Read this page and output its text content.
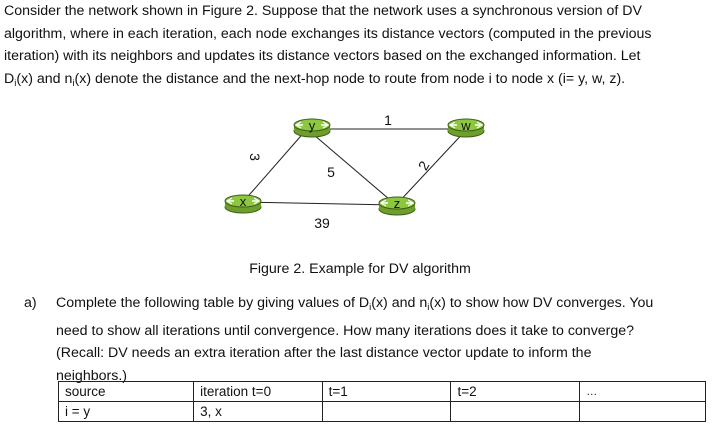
Consider the network shown in Figure 2. Suppose that the network uses a synchronous version of DV
algorithm, where in each iteration, each node exchanges its distance vectors (computed in the previous
iteration) with its neighbors and updates its distance vectors based on the exchanged information. Let
$D_i(x)$ and $n_i(x)$ denote the distance and the next-hop node to route from node i to node x (i= y, w, z).
y	w
x	z
1
3
5	2
39
Figure 2. Example for DV algorithm
a) Complete the following table by giving values of $D_i(x)$ and $n_i(x)$ to show how DV converges. You
need to show all iterations until convergence. How many iterations does it take to converge?
(Recall: DV needs an extra iteration after the last distance vector update to inform the
neighbors.)
source	iteration t=0	t=1	t=2	…
i = y	3, x			
